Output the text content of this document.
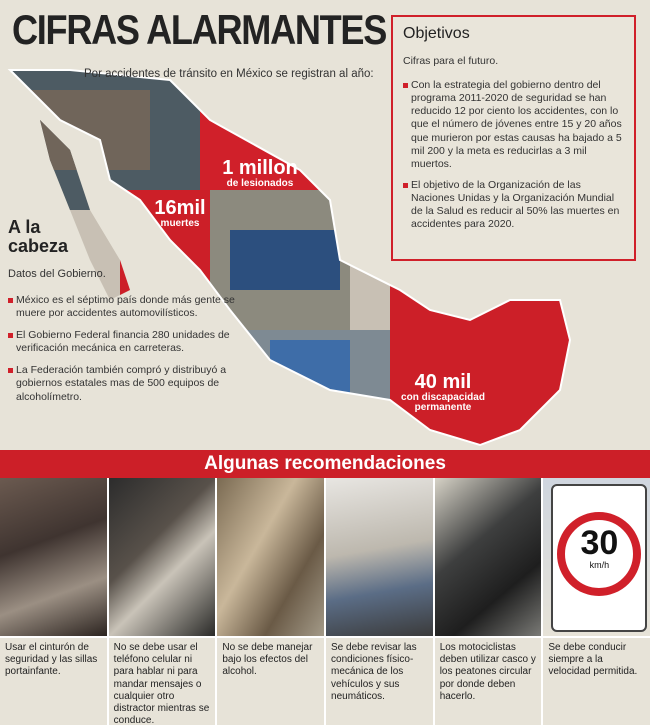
CIFRAS ALARMANTES
Por accidentes de tránsito en México se registran al año:
1 millon
de lesionados
16mil
muertes
40 mil
con discapacidad permanente
Objetivos
Cifras para el futuro.
Con la estrategia del gobierno dentro del programa 2011-2020 de seguridad se han reducido 12 por ciento los accidentes, con lo que el número de jóvenes entre 15 y 20 años que murieron por estas causas ha bajado a 5 mil 200 y la meta es reducirlas a 3 mil muertos.
El objetivo de la Organización de las Naciones Unidas y la Organización Mundial de la Salud es reducir al 50% las muertes en accidentes para 2020.
A la
cabeza
Datos del Gobierno.
México es el séptimo país donde más gente se muere por accidentes automovilísticos.
El Gobierno Federal financia 280 unidades de verificación mecánica en carreteras.
La Federación también compró y distribuyó a gobiernos estatales mas de 500 equipos de alcoholímetro.
Algunas recomendaciones
Usar el cinturón de seguridad y las sillas portainfante.
No se debe usar el teléfono celular ni para hablar ni para mandar mensajes o cualquier otro distractor mientras se conduce.
No se debe manejar bajo los efectos del alcohol.
Se debe revisar las condiciones físico-mecánica de los vehículos y sus neumáticos.
Los motociclistas deben utilizar casco y los peatones circular por donde deben hacerlo.
30
km/h
Se debe conducir siempre a la velocidad permitida.
